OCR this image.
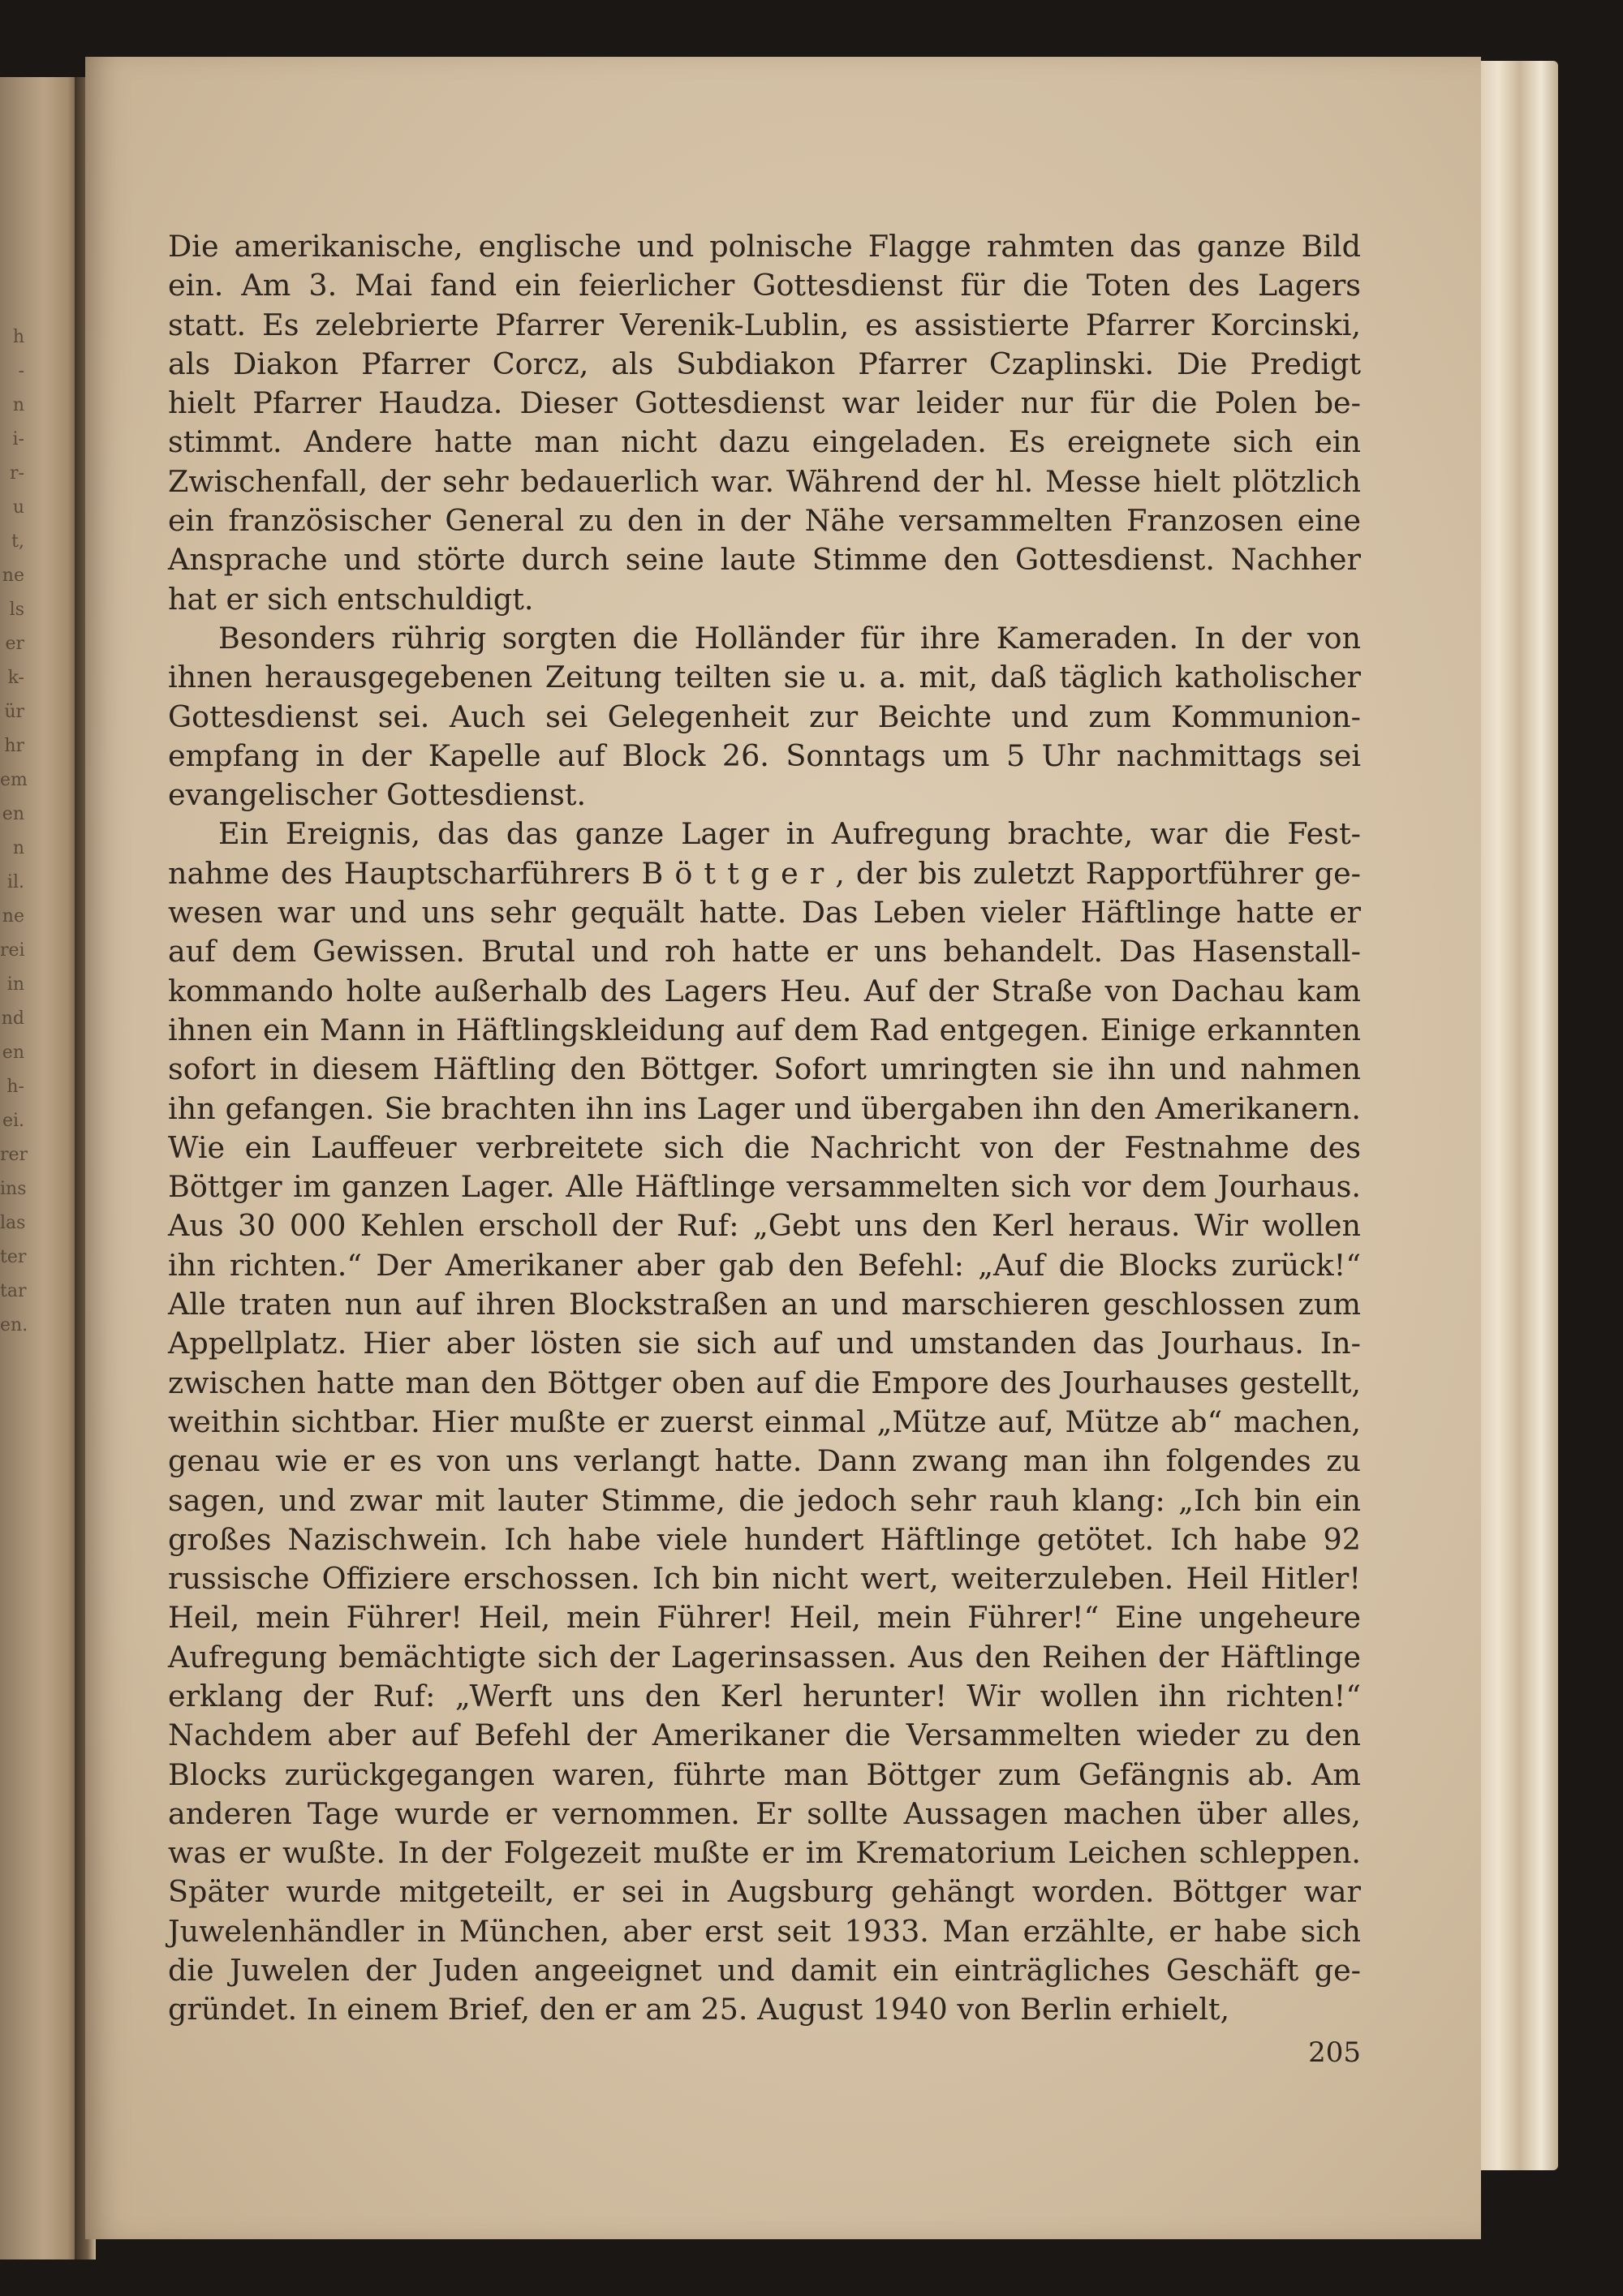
h
-
n
i-
r-
u
t,
ne
ls
er
k-
ür
hr
em
en
n
il.
ne
rei
in
nd
en
h-
ei.
rer
ins
las
ter
tar
en.
Die amerikanische, englische und polnische Flagge rahmten das ganze Bild
ein. Am 3. Mai fand ein feierlicher Gottesdienst für die Toten des Lagers
statt. Es zelebrierte Pfarrer Verenik-Lublin, es assistierte Pfarrer Korcinski,
als Diakon Pfarrer Corcz, als Subdiakon Pfarrer Czaplinski. Die Predigt
hielt Pfarrer Haudza. Dieser Gottesdienst war leider nur für die Polen be-
stimmt. Andere hatte man nicht dazu eingeladen. Es ereignete sich ein
Zwischenfall, der sehr bedauerlich war. Während der hl. Messe hielt plötzlich
ein französischer General zu den in der Nähe versammelten Franzosen eine
Ansprache und störte durch seine laute Stimme den Gottesdienst. Nachher
hat er sich entschuldigt.
Besonders rührig sorgten die Holländer für ihre Kameraden. In der von
ihnen herausgegebenen Zeitung teilten sie u. a. mit, daß täglich katholischer
Gottesdienst sei. Auch sei Gelegenheit zur Beichte und zum Kommunion-
empfang in der Kapelle auf Block 26. Sonntags um 5 Uhr nachmittags sei
evangelischer Gottesdienst.
Ein Ereignis, das das ganze Lager in Aufregung brachte, war die Fest-
nahme des Hauptscharführers B ö t t g e r , der bis zuletzt Rapportführer ge-
wesen war und uns sehr gequält hatte. Das Leben vieler Häftlinge hatte er
auf dem Gewissen. Brutal und roh hatte er uns behandelt. Das Hasenstall-
kommando holte außerhalb des Lagers Heu. Auf der Straße von Dachau kam
ihnen ein Mann in Häftlingskleidung auf dem Rad entgegen. Einige erkannten
sofort in diesem Häftling den Böttger. Sofort umringten sie ihn und nahmen
ihn gefangen. Sie brachten ihn ins Lager und übergaben ihn den Amerikanern.
Wie ein Lauffeuer verbreitete sich die Nachricht von der Festnahme des
Böttger im ganzen Lager. Alle Häftlinge versammelten sich vor dem Jourhaus.
Aus 30 000 Kehlen erscholl der Ruf: „Gebt uns den Kerl heraus. Wir wollen
ihn richten.“ Der Amerikaner aber gab den Befehl: „Auf die Blocks zurück!“
Alle traten nun auf ihren Blockstraßen an und marschieren geschlossen zum
Appellplatz. Hier aber lösten sie sich auf und umstanden das Jourhaus. In-
zwischen hatte man den Böttger oben auf die Empore des Jourhauses gestellt,
weithin sichtbar. Hier mußte er zuerst einmal „Mütze auf, Mütze ab“ machen,
genau wie er es von uns verlangt hatte. Dann zwang man ihn folgendes zu
sagen, und zwar mit lauter Stimme, die jedoch sehr rauh klang: „Ich bin ein
großes Nazischwein. Ich habe viele hundert Häftlinge getötet. Ich habe 92
russische Offiziere erschossen. Ich bin nicht wert, weiterzuleben. Heil Hitler!
Heil, mein Führer! Heil, mein Führer! Heil, mein Führer!“ Eine ungeheure
Aufregung bemächtigte sich der Lagerinsassen. Aus den Reihen der Häftlinge
erklang der Ruf: „Werft uns den Kerl herunter! Wir wollen ihn richten!“
Nachdem aber auf Befehl der Amerikaner die Versammelten wieder zu den
Blocks zurückgegangen waren, führte man Böttger zum Gefängnis ab. Am
anderen Tage wurde er vernommen. Er sollte Aussagen machen über alles,
was er wußte. In der Folgezeit mußte er im Krematorium Leichen schleppen.
Später wurde mitgeteilt, er sei in Augsburg gehängt worden. Böttger war
Juwelenhändler in München, aber erst seit 1933. Man erzählte, er habe sich
die Juwelen der Juden angeeignet und damit ein einträgliches Geschäft ge-
gründet. In einem Brief, den er am 25. August 1940 von Berlin erhielt,
205
